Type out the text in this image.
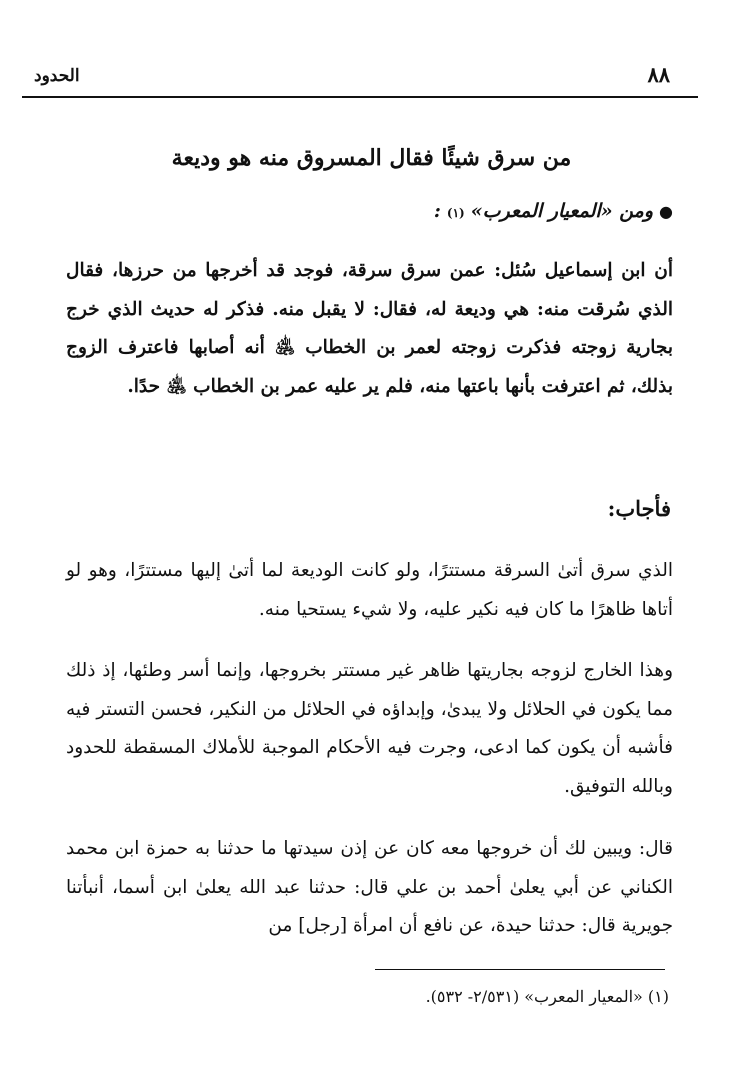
٨٨
الحدود
من سرق شيئًا فقال المسروق منه هو وديعة
●
ومن «المعيار المعرب»
(١)
:
أن ابن إسماعيل سُئل: عمن سرق سرقة، فوجد قد أخرجها من حرزها، فقال الذي سُرقت منه: هي وديعة له، فقال: لا يقبل منه. فذكر له حديث الذي خرج بجارية زوجته فذكرت زوجته لعمر بن الخطاب ﵁ أنه أصابها فاعترف الزوج بذلك، ثم اعترفت بأنها باعتها منه، فلم ير عليه عمر بن الخطاب ﵁ حدًا.
فأجاب:
الذي سرق أتىٰ السرقة مستترًا، ولو كانت الوديعة لما أتىٰ إليها مستترًا، وهو لو أتاها ظاهرًا ما كان فيه نكير عليه، ولا شيء يستحيا منه.
وهذا الخارج لزوجه بجاريتها ظاهر غير مستتر بخروجها، وإنما أسر وطئها، إذ ذلك مما يكون في الحلائل ولا يبدىٰ، وإبداؤه في الحلائل من النكير، فحسن التستر فيه فأشبه أن يكون كما ادعى، وجرت فيه الأحكام الموجبة للأملاك المسقطة للحدود وبالله التوفيق.
قال: ويبين لك أن خروجها معه كان عن إذن سيدتها ما حدثنا به حمزة ابن محمد الكناني عن أبي يعلىٰ أحمد بن علي قال: حدثنا عبد الله يعلىٰ ابن أسما، أنبأتنا جويرية قال: حدثنا حيدة، عن نافع أن امرأة [رجل] من
(١) «المعيار المعرب» (٢/٥٣١- ٥٣٢).
